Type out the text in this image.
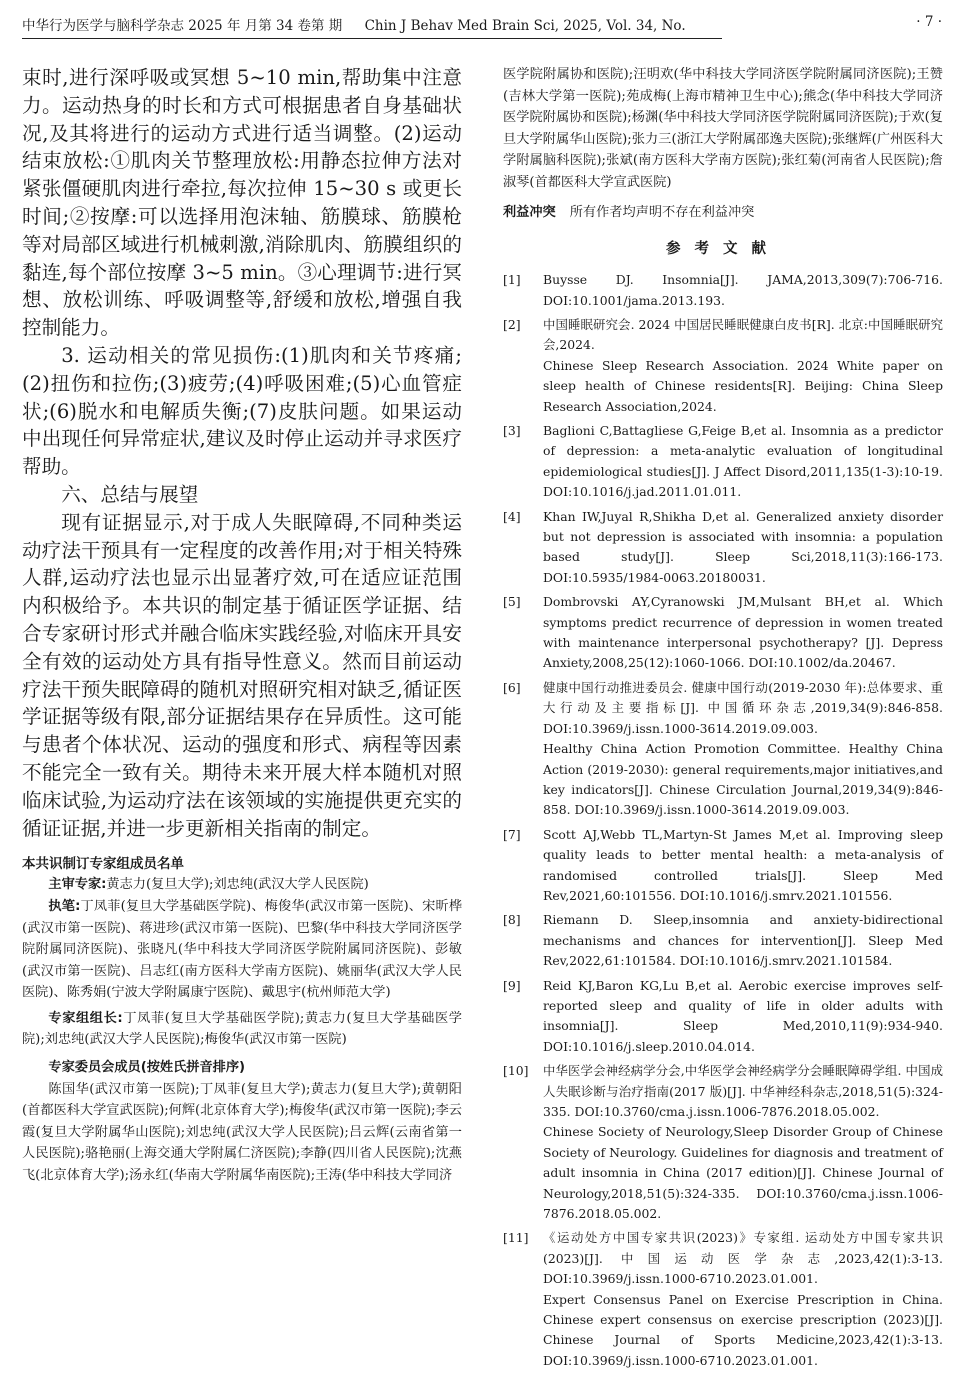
中华行为医学与脑科学杂志 2025 年 月第 34 卷第 期 Chin J Behav Med Brain Sci, 2025, Vol. 34, No.	· 7 ·

束时,进行深呼吸或冥想 5~10 min,帮助集中注意力。运动热身的时长和方式可根据患者自身基础状况,及其将进行的运动方式进行适当调整。(2)运动结束放松:①肌肉关节整理放松:用静态拉伸方法对紧张僵硬肌肉进行牵拉,每次拉伸 15~30 s 或更长时间;②按摩:可以选择用泡沫轴、筋膜球、筋膜枪等对局部区域进行机械刺激,消除肌肉、筋膜组织的黏连,每个部位按摩 3~5 min。③心理调节:进行冥想、放松训练、呼吸调整等,舒缓和放松,增强自我控制能力。

3. 运动相关的常见损伤:(1)肌肉和关节疼痛;(2)扭伤和拉伤;(3)疲劳;(4)呼吸困难;(5)心血管症状;(6)脱水和电解质失衡;(7)皮肤问题。如果运动中出现任何异常症状,建议及时停止运动并寻求医疗帮助。

六、总结与展望

现有证据显示,对于成人失眠障碍,不同种类运动疗法干预具有一定程度的改善作用;对于相关特殊人群,运动疗法也显示出显著疗效,可在适应证范围内积极给予。本共识的制定基于循证医学证据、结合专家研讨形式并融合临床实践经验,对临床开具安全有效的运动处方具有指导性意义。然而目前运动疗法干预失眠障碍的随机对照研究相对缺乏,循证医学证据等级有限,部分证据结果存在异质性。这可能与患者个体状况、运动的强度和形式、病程等因素不能完全一致有关。期待未来开展大样本随机对照临床试验,为运动疗法在该领域的实施提供更充实的循证证据,并进一步更新相关指南的制定。

本共识制订专家组成员名单

主审专家:黄志力(复旦大学);刘忠纯(武汉大学人民医院)

执笔:丁凤菲(复旦大学基础医学院)、梅俊华(武汉市第一医院)、宋昕桦(武汉市第一医院)、蒋进珍(武汉市第一医院)、巴黎(华中科技大学同济医学院附属同济医院)、张晓凡(华中科技大学同济医学院附属同济医院)、彭敏(武汉市第一医院)、吕志红(南方医科大学南方医院)、姚丽华(武汉大学人民医院)、陈秀娟(宁波大学附属康宁医院)、戴思宇(杭州师范大学)

专家组组长:丁凤菲(复旦大学基础医学院);黄志力(复旦大学基础医学院);刘忠纯(武汉大学人民医院);梅俊华(武汉市第一医院)

专家委员会成员(按姓氏拼音排序)

陈国华(武汉市第一医院);丁凤菲(复旦大学);黄志力(复旦大学);黄朝阳(首都医科大学宣武医院);何辉(北京体育大学);梅俊华(武汉市第一医院);李云霞(复旦大学附属华山医院);刘忠纯(武汉大学人民医院);吕云辉(云南省第一人民医院);骆艳丽(上海交通大学附属仁济医院);李静(四川省人民医院);沈燕飞(北京体育大学);汤永红(华南大学附属华南医院);王涛(华中科技大学同济

医学院附属协和医院);汪明欢(华中科技大学同济医学院附属同济医院);王赞(吉林大学第一医院);苑成梅(上海市精神卫生中心);熊念(华中科技大学同济医学院附属协和医院);杨渊(华中科技大学同济医学院附属同济医院);于欢(复旦大学附属华山医院);张力三(浙江大学附属邵逸夫医院);张继辉(广州医科大学附属脑科医院);张斌(南方医科大学南方医院);张红菊(河南省人民医院);詹淑琴(首都医科大学宣武医院)

利益冲突 所有作者均声明不存在利益冲突

参考文献
[1]	Buysse DJ. Insomnia[J]. JAMA,2013,309(7):706-716. DOI:10.1001/jama.2013.193.

[2]	中国睡眠研究会. 2024 中国居民睡眠健康白皮书[R]. 北京:中国睡眠研究会,2024.

Chinese Sleep Research Association. 2024 White paper on sleep health of Chinese residents[R]. Beijing: China Sleep Research Association,2024.

[3]	Baglioni C,Battagliese G,Feige B,et al. Insomnia as a predictor of depression: a meta-analytic evaluation of longitudinal epidemiological studies[J]. J Affect Disord,2011,135(1-3):10-19. DOI:10.1016/j.jad.2011.01.011.

[4]	Khan IW,Juyal R,Shikha D,et al. Generalized anxiety disorder but not depression is associated with insomnia: a population based study[J]. Sleep Sci,2018,11(3):166-173. DOI:10.5935/1984-0063.20180031.

[5]	Dombrovski AY,Cyranowski JM,Mulsant BH,et al. Which symptoms predict recurrence of depression in women treated with maintenance interpersonal psychotherapy? [J]. Depress Anxiety,2008,25(12):1060-1066. DOI:10.1002/da.20467.

[6]	健康中国行动推进委员会. 健康中国行动(2019-2030 年):总体要求、重大行动及主要指标[J]. 中国循环杂志,2019,34(9):846-858. DOI:10.3969/j.issn.1000-3614.2019.09.003.

Healthy China Action Promotion Committee. Healthy China Action (2019-2030): general requirements,major initiatives,and key indicators[J]. Chinese Circulation Journal,2019,34(9):846-858. DOI:10.3969/j.issn.1000-3614.2019.09.003.

[7]	Scott AJ,Webb TL,Martyn-St James M,et al. Improving sleep quality leads to better mental health: a meta-analysis of randomised controlled trials[J]. Sleep Med Rev,2021,60:101556. DOI:10.1016/j.smrv.2021.101556.

[8]	Riemann D. Sleep,insomnia and anxiety-bidirectional mechanisms and chances for intervention[J]. Sleep Med Rev,2022,61:101584. DOI:10.1016/j.smrv.2021.101584.

[9]	Reid KJ,Baron KG,Lu B,et al. Aerobic exercise improves self-reported sleep and quality of life in older adults with insomnia[J]. Sleep Med,2010,11(9):934-940. DOI:10.1016/j.sleep.2010.04.014.

[10]	中华医学会神经病学分会,中华医学会神经病学分会睡眠障碍学组. 中国成人失眠诊断与治疗指南(2017 版)[J]. 中华神经科杂志,2018,51(5):324-335. DOI:10.3760/cma.j.issn.1006-7876.2018.05.002.

Chinese Society of Neurology,Sleep Disorder Group of Chinese Society of Neurology. Guidelines for diagnosis and treatment of adult insomnia in China (2017 edition)[J]. Chinese Journal of Neurology,2018,51(5):324-335. DOI:10.3760/cma.j.issn.1006-7876.2018.05.002.

[11]	《运动处方中国专家共识(2023)》专家组. 运动处方中国专家共识(2023)[J]. 中国运动医学杂志,2023,42(1):3-13. DOI:10.3969/j.issn.1000-6710.2023.01.001.

Expert Consensus Panel on Exercise Prescription in China. Chinese expert consensus on exercise prescription (2023)[J]. Chinese Journal of Sports Medicine,2023,42(1):3-13. DOI:10.3969/j.issn.1000-6710.2023.01.001.
